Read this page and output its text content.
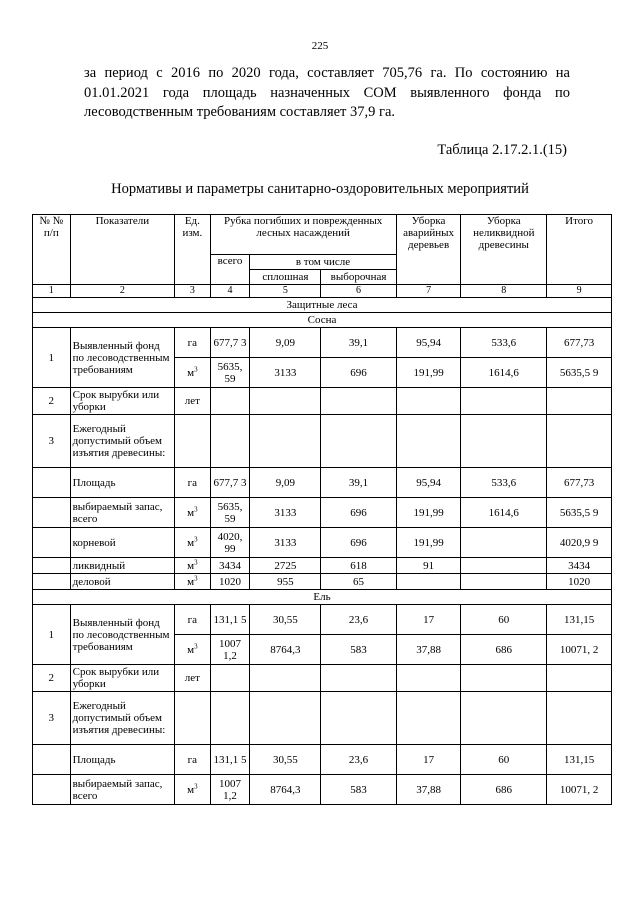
225
за период с 2016 по 2020 года, составляет 705,76 га. По состоянию на
01.01.2021 года площадь назначенных СОМ выявленного фонда по
лесоводственным требованиям составляет 37,9 га.
Таблица 2.17.2.1.(15)
Нормативы и параметры санитарно-оздоровительных мероприятий
№ № п/п	Показатели	Ед. изм.	Рубка погибших и поврежденных лесных насаждений			Уборка аварийных деревьев	Уборка неликвидной древесины	Итого
			всего	в том числе				
				сплошная	выборочная			
1	2	3	4	5	6	7	8	9
Защитные леса								
Сосна								
1	Выявленный фонд по лесоводственным требованиям	га	677,7 3	9,09	39,1	95,94	533,6	677,73
		$м^3$	5635, 59	3133	696	191,99	1614,6	5635,5 9
2	Срок вырубки или уборки	лет						
3	Ежегодный допустимый объем изъятия древесины:							
	Площадь	га	677,7 3	9,09	39,1	95,94	533,6	677,73
	выбираемый запас, всего	$м^3$	5635, 59	3133	696	191,99	1614,6	5635,5 9
	корневой	$м^3$	4020, 99	3133	696	191,99		4020,9 9
	ликвидный	$м^3$	3434	2725	618	91		3434
	деловой	$м^3$	1020	955	65			1020
Ель								
1	Выявленный фонд по лесоводственным требованиям	га	131,1 5	30,55	23,6	17	60	131,15
		$м^3$	1007 1,2	8764,3	583	37,88	686	10071, 2
2	Срок вырубки или уборки	лет						
3	Ежегодный допустимый объем изъятия древесины:							
	Площадь	га	131,1 5	30,55	23,6	17	60	131,15
	выбираемый запас, всего	$м^3$	1007 1,2	8764,3	583	37,88	686	10071, 2
